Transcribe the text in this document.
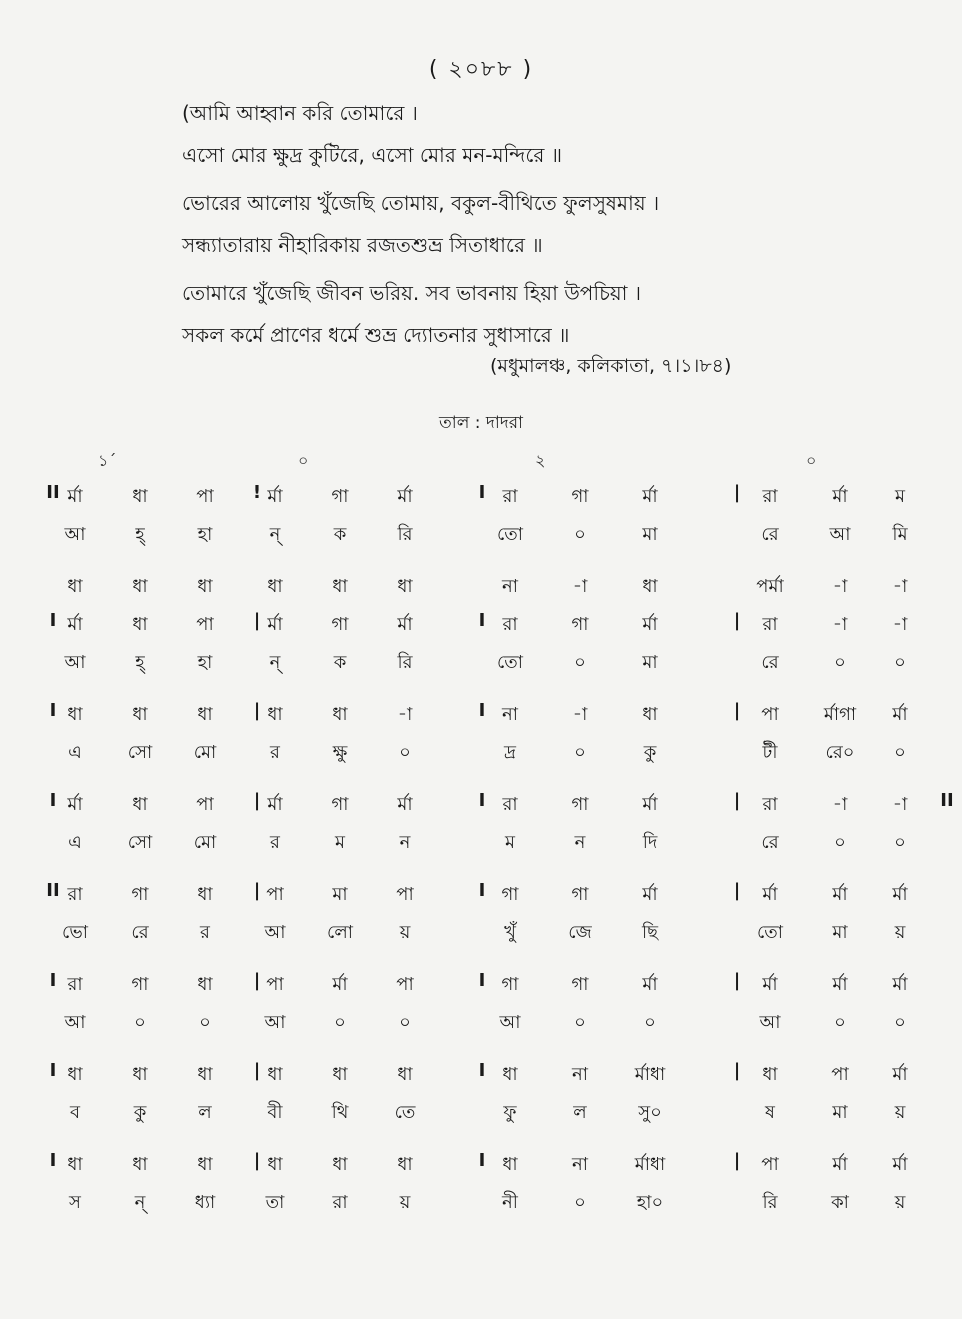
( ২০৮৮ )
(আমি আহ্বান করি তোমারে ।
এসো মোর ক্ষুদ্র কুটিরে, এসো মোর মন-মন্দিরে ॥
ভোরের আলোয় খুঁজেছি তোমায়, বকুল-বীথিতে ফুলসুষমায় ।
সন্ধ্যাতারায় নীহারিকায় রজতশুভ্র সিতাধারে ॥
তোমারে খুঁজেছি জীবন ভরিয়. সব ভাবনায় হিয়া উপচিয়া ।
সকল কর্মে প্রাণের ধর্মে শুভ্র দ্যোতনার সুধাসারে ॥
(মধুমালঞ্চ, কলিকাতা, ৭।১।৮৪)
তাল : দাদরা
১´	০	২	০
II	!	I	|
র্মা	ধা	পা	র্মা	গা	র্মা	রা	গা	র্মা	রা	র্মা	ম
আ	হ্	হা	ন্	ক	রি	তো	০	মা	রে	আ	মি
ধা	ধা	ধা	ধা	ধা	ধা	না	-া	ধা	পর্মা	-া	-া
I	|	I	|
র্মা	ধা	পা	র্মা	গা	র্মা	রা	গা	র্মা	রা	-া	-া
আ	হ্	হা	ন্	ক	রি	তো	০	মা	রে	০	০
I	|	I	|
ধা	ধা	ধা	ধা	ধা	-া	না	-া	ধা	পা	র্মাগা	র্মা
এ	সো	মো	র	ক্ষু	০	দ্র	০	কু	টী	রে০	০
I	|	I	|	II
র্মা	ধা	পা	র্মা	গা	র্মা	রা	গা	র্মা	রা	-া	-া
এ	সো	মো	র	ম	ন	ম	ন	দি	রে	০	০
II	|	I	|
রা	গা	ধা	পা	মা	পা	গা	গা	র্মা	র্মা	র্মা	র্মা
ভো	রে	র	আ	লো	য়	খুঁ	জে	ছি	তো	মা	য়
I	|	I	|
রা	গা	ধা	পা	র্মা	পা	গা	গা	র্মা	র্মা	র্মা	র্মা
আ	০	০	আ	০	০	আ	০	০	আ	০	০
I	|	I	|
ধা	ধা	ধা	ধা	ধা	ধা	ধা	না	র্মাধা	ধা	পা	র্মা
ব	কু	ল	বী	থি	তে	ফু	ল	সু০	ষ	মা	য়
I	|	I	|
ধা	ধা	ধা	ধা	ধা	ধা	ধা	না	র্মাধা	পা	র্মা	র্মা
স	ন্	ধ্যা	তা	রা	য়	নী	০	হা০	রি	কা	য়
